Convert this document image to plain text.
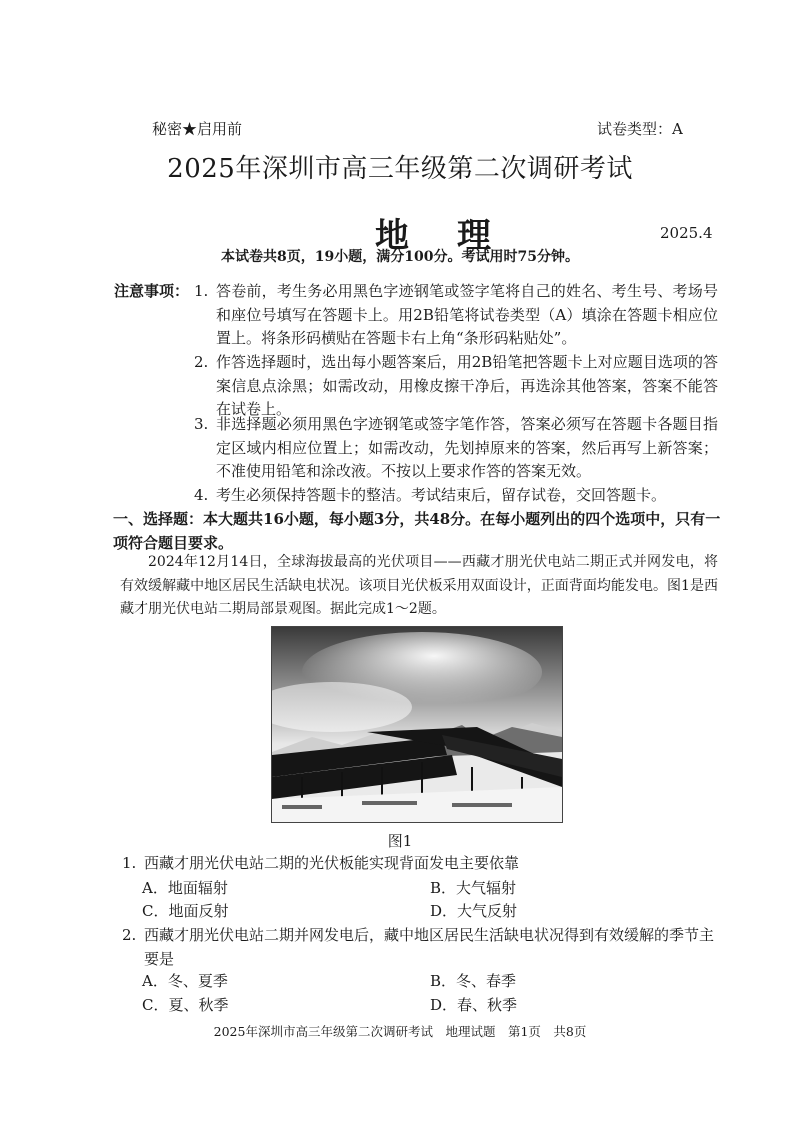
秘密★启用前	试卷类型：A
2025年深圳市高三年级第二次调研考试
地理	2025.4
本试卷共8页，19小题，满分100分。考试用时75分钟。
注意事项： 1. 答卷前，考生务必用黑色字迹钢笔或签字笔将自己的姓名、考生号、考场号和座位号填写在答题卡上。用2B铅笔将试卷类型（A）填涂在答题卡相应位置上。将条形码横贴在答题卡右上角“条形码粘贴处”。
2. 作答选择题时，选出每小题答案后，用2B铅笔把答题卡上对应题目选项的答案信息点涂黑；如需改动，用橡皮擦干净后，再选涂其他答案，答案不能答在试卷上。
3. 非选择题必须用黑色字迹钢笔或签字笔作答，答案必须写在答题卡各题目指定区域内相应位置上；如需改动，先划掉原来的答案，然后再写上新答案；不准使用铅笔和涂改液。不按以上要求作答的答案无效。
4. 考生必须保持答题卡的整洁。考试结束后，留存试卷，交回答题卡。
一、选择题：本大题共16小题，每小题3分，共48分。在每小题列出的四个选项中，只有一项符合题目要求。
2024年12月14日，全球海拔最高的光伏项目——西藏才朋光伏电站二期正式并网发电，将有效缓解藏中地区居民生活缺电状况。该项目光伏板采用双面设计，正面背面均能发电。图1是西藏才朋光伏电站二期局部景观图。据此完成1～2题。
图1
1. 西藏才朋光伏电站二期的光伏板能实现背面发电主要依靠
A．地面辐射	B．大气辐射
C．地面反射	D．大气反射
2. 西藏才朋光伏电站二期并网发电后，藏中地区居民生活缺电状况得到有效缓解的季节主要是
A．冬、夏季	B．冬、春季
C．夏、秋季	D．春、秋季
2025年深圳市高三年级第二次调研考试　地理试题　第1页　共8页
